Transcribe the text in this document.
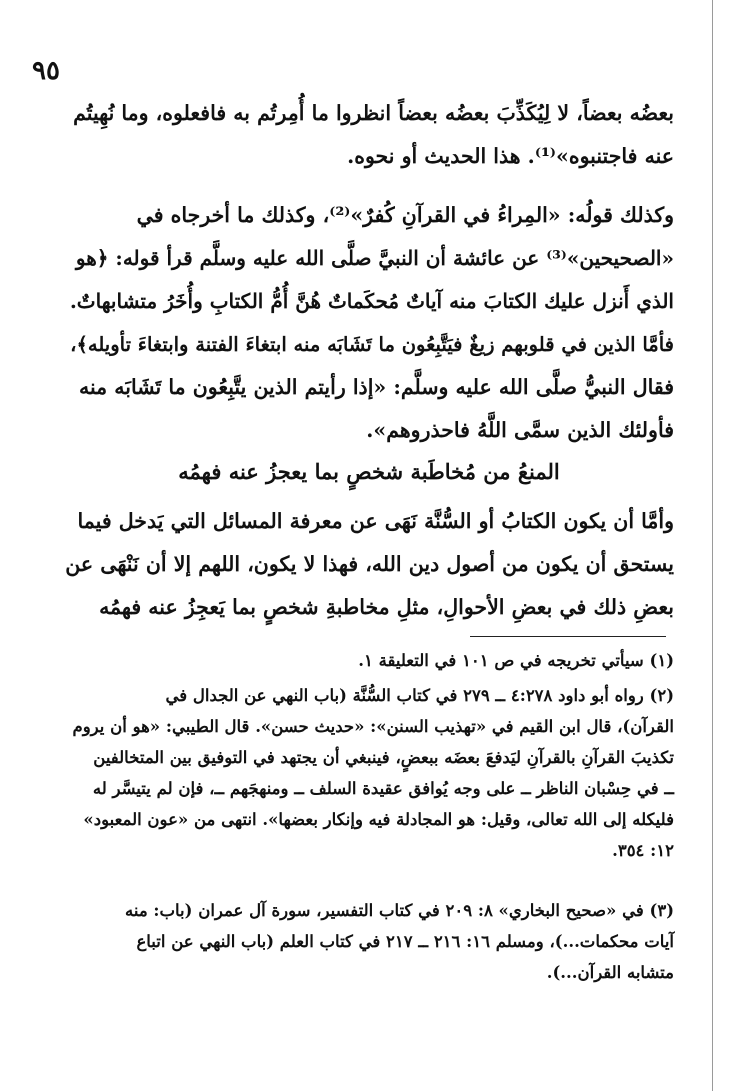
٩٥
بعضُه بعضاً، لا لِيُكَذِّبَ بعضُه بعضاً انظروا ما أُمِرتُم به فافعلوه، وما نُهِيتُم
عنه فاجتنبوه»⁽¹⁾. هذا الحديث أو نحوه.
وكذلك قولُه: «المِراءُ في القرآنِ كُفرٌ»⁽²⁾، وكذلك ما أخرجاه في
«الصحيحين»⁽³⁾ عن عائشة أن النبيَّ صلَّى الله عليه وسلَّم قرأ قوله: ﴿هو
الذي أَنزل عليك الكتابَ منه آياتٌ مُحكَماتٌ هُنَّ أُمُّ الكتابِ وأُخَرُ متشابهاتٌ.
فأمَّا الذين في قلوبهم زيغٌ فيَتَّبِعُون ما تَشَابَه منه ابتغاءَ الفتنة وابتغاءَ تأويله﴾،
فقال النبيُّ صلَّى الله عليه وسلَّم: «إذا رأيتم الذين يتَّبِعُون ما تَشَابَه منه
فأولئك الذين سمَّى اللَّهُ فاحذروهم».
المنعُ من مُخاطَبة شخصٍ بما يعجزُ عنه فهمُه
وأمَّا أن يكون الكتابُ أو السُّنَّة نَهَى عن معرفة المسائل التي يَدخل فيما
يستحق أن يكون من أصول دين الله، فهذا لا يكون، اللهم إلا أن نَنْهَى عن
بعضِ ذلك في بعضِ الأحوالِ، مثلِ مخاطبةِ شخصٍ بما يَعجِزُ عنه فهمُه
(١) سيأتي تخريجه في ص ١٠١ في التعليقة ١.
(٢) رواه أبو داود ٤:٢٧٨ ــ ٢٧٩ في كتاب السُّنَّة (باب النهي عن الجدال في
القرآن)، قال ابن القيم في «تهذيب السنن»: «حديث حسن». قال الطيبي: «هو أن يروم
تكذيبَ القرآنِ بالقرآنِ ليَدفعَ بعضَه ببعضٍ، فينبغي أن يجتهد في التوفيق بين المتخالفين
ــ في حِسْبان الناظر ــ على وجه يُوافق عقيدة السلف ــ ومنهجَهم ــ، فإن لم يتيسَّر له
فليكله إلى الله تعالى، وقيل: هو المجادلة فيه وإنكار بعضها». انتهى من «عون المعبود»
١٢: ٣٥٤.
(٣) في «صحيح البخاري» ٨: ٢٠٩ في كتاب التفسير، سورة آل عمران (باب: منه
آيات محكمات...)، ومسلم ١٦: ٢١٦ ــ ٢١٧ في كتاب العلم (باب النهي عن اتباع
متشابه القرآن...).
